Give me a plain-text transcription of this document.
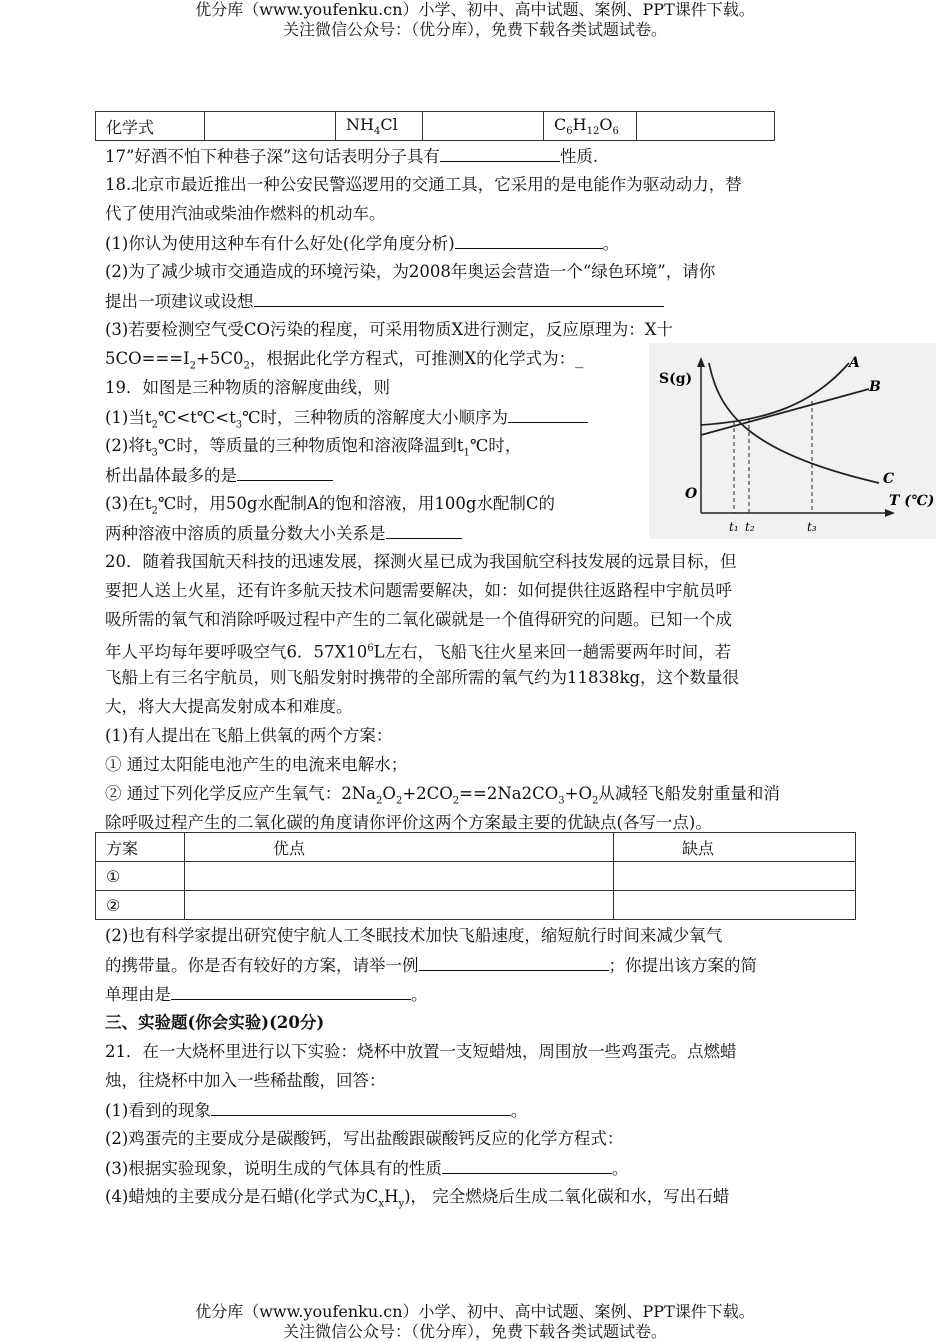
优分库（www.youfenku.cn）小学、初中、高中试题、案例、PPT课件下载。
关注微信公众号：（优分库），免费下载各类试题试卷。
化学式		$NH_4Cl$		$C_6H_{12}O_6$	
17”好酒不怕下种巷子深”这句话表明分子具有	性质.
18.北京市最近推出一种公安民警巡逻用的交通工具，它采用的是电能作为驱动动力，替
代了使用汽油或柴油作燃料的机动车。
(1)你认为使用这种车有什么好处(化学角度分析)	。
(2)为了减少城市交通造成的环境污染，为2008年奥运会营造一个“绿色环境”，请你
提出一项建议或设想
(3)若要检测空气受CO污染的程度，可采用物质X进行测定，反应原理为：X十
$5CO===I_2+5C0_2$，根据此化学方程式，可推测X的化学式为：_
S(g)
T (℃)
O
A
B
C
t₁ t₂	t₃
19．如图是三种物质的溶解度曲线，则
(1)当$t_2℃<t℃<t_3℃$时，三种物质的溶解度大小顺序为
(2)将$t_3℃$时，等质量的三种物质饱和溶液降温到$t_1℃$时，
析出晶体最多的是
(3)在$t_2℃$时，用50g水配制A的饱和溶液，用100g水配制C的
两种溶液中溶质的质量分数大小关系是
20．随着我国航天科技的迅速发展，探测火星已成为我国航空科技发展的远景目标，但
要把人送上火星，还有许多航天技术问题需要解决，如：如何提供往返路程中宇航员呼
吸所需的氧气和消除呼吸过程中产生的二氧化碳就是一个值得研究的问题。已知一个成
年人平均每年要呼吸空气6．$57X10^6L$左右，飞船飞往火星来回一趟需要两年时间，若
飞船上有三名宇航员，则飞船发射时携带的全部所需的氧气约为11838kg，这个数量很
大，将大大提高发射成本和难度。
(1)有人提出在飞船上供氧的两个方案：
① 通过太阳能电池产生的电流来电解水；
② 通过下列化学反应产生氧气：$2Na_2O_2+2CO_2==2Na2CO_3+O_2$从减轻飞船发射重量和消
除呼吸过程产生的二氧化碳的角度请你评价这两个方案最主要的优缺点(各写一点)。
方案	优点	缺点
①		
②		
(2)也有科学家提出研究使宇航人工冬眠技术加快飞船速度，缩短航行时间来减少氧气
的携带量。你是否有较好的方案，请举一例	；你提出该方案的简
单理由是	。
三、实验题(你会实验)(20分)
21．在一大烧杯里进行以下实验：烧杯中放置一支短蜡烛，周围放一些鸡蛋壳。点燃蜡
烛，往烧杯中加入一些稀盐酸，回答：
(1)看到的现象	。
(2)鸡蛋壳的主要成分是碳酸钙，写出盐酸跟碳酸钙反应的化学方程式：
(3)根据实验现象，说明生成的气体具有的性质	。
(4)蜡烛的主要成分是石蜡(化学式为$C_xH_y$)， 完全燃烧后生成二氧化碳和水，写出石蜡
优分库（www.youfenku.cn）小学、初中、高中试题、案例、PPT课件下载。
关注微信公众号：（优分库），免费下载各类试题试卷。
